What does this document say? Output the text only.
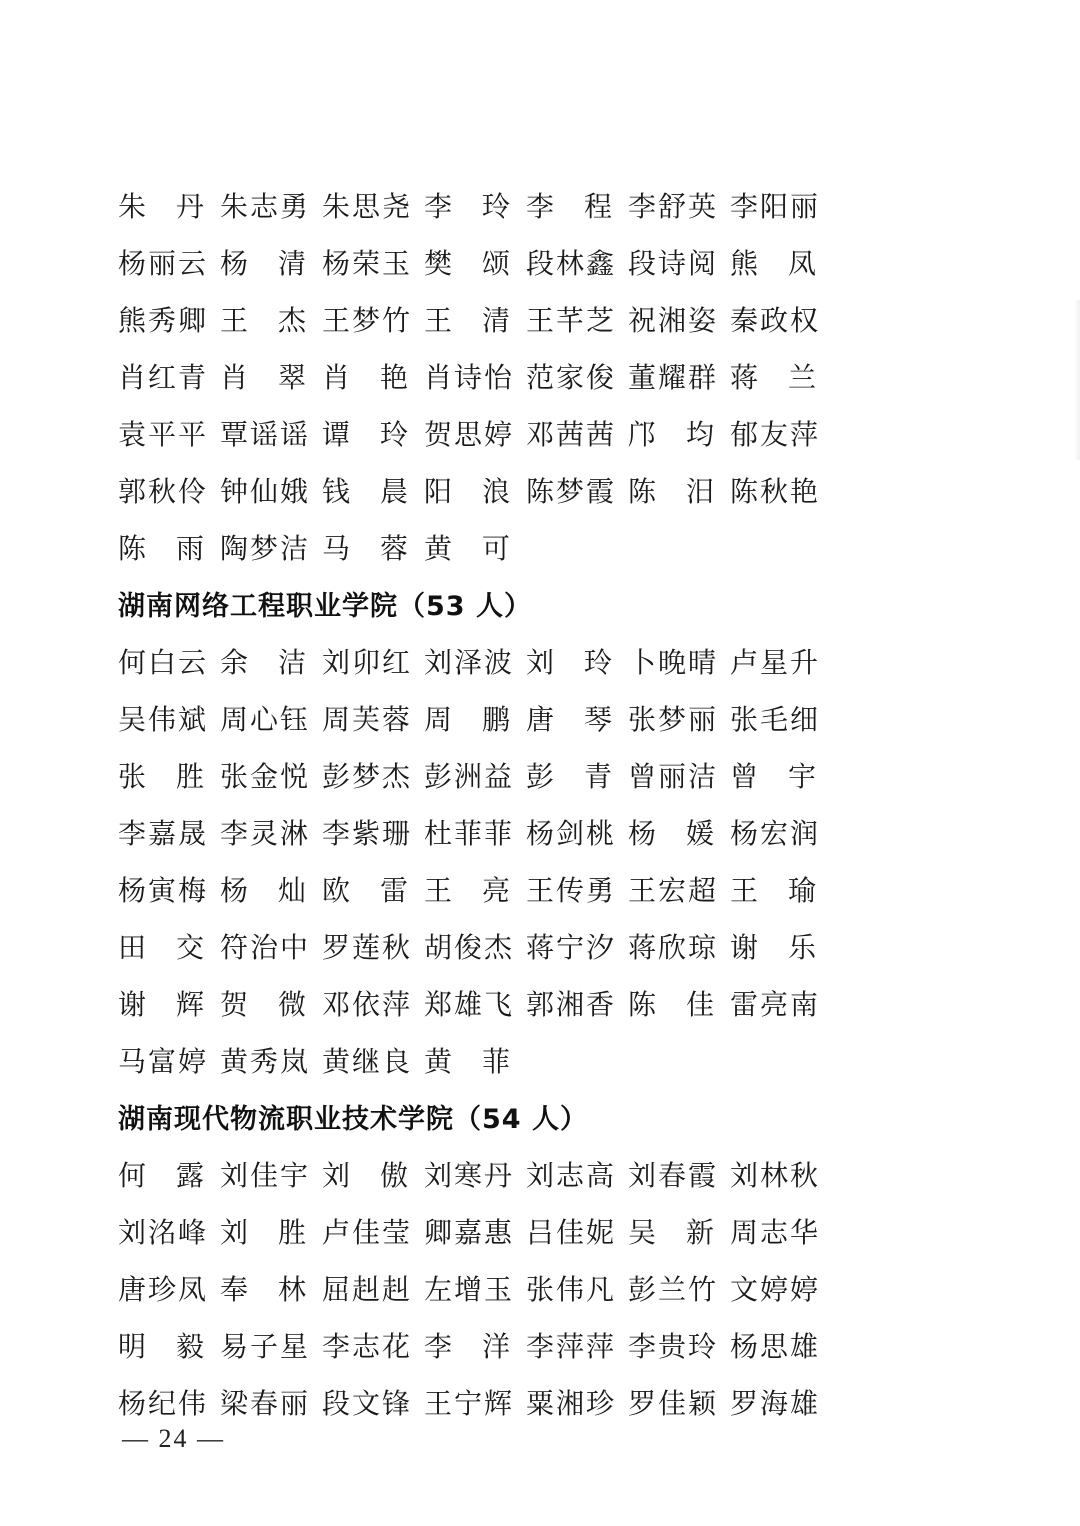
朱 丹 朱志勇 朱思尧 李 玲 李 程 李舒英 李阳丽
杨丽云 杨 清 杨荣玉 樊 颂 段林鑫 段诗阅 熊 凤
熊秀卿 王 杰 王梦竹 王 清 王芊芝 祝湘姿 秦政权
肖红青 肖 翠 肖 艳 肖诗怡 范家俊 董耀群 蒋 兰
袁平平 覃谣谣 谭 玲 贺思婷 邓茜茜 邝 均 郁友萍
郭秋伶 钟仙娥 钱 晨 阳 浪 陈梦霞 陈 汨 陈秋艳
陈 雨 陶梦洁 马 蓉 黄 可
湖南网络工程职业学院（53 人）
何白云 余 洁 刘卯红 刘泽波 刘 玲 卜晚晴 卢星升
吴伟斌 周心钰 周芙蓉 周 鹏 唐 琴 张梦丽 张毛细
张 胜 张金悦 彭梦杰 彭洲益 彭 青 曾丽洁 曾 宇
李嘉晟 李灵淋 李紫珊 杜菲菲 杨剑桃 杨 媛 杨宏润
杨寅梅 杨 灿 欧 雷 王 亮 王传勇 王宏超 王 瑜
田 交 符治中 罗莲秋 胡俊杰 蒋宁汐 蒋欣琼 谢 乐
谢 辉 贺 微 邓依萍 郑雄飞 郭湘香 陈 佳 雷亮南
马富婷 黄秀岚 黄继良 黄 菲
湖南现代物流职业技术学院（54 人）
何 露 刘佳宇 刘 傲 刘寒丹 刘志高 刘春霞 刘林秋
刘洺峰 刘 胜 卢佳莹 卿嘉惠 吕佳妮 吴 新 周志华
唐珍凤 奉 林 屈赳赳 左增玉 张伟凡 彭兰竹 文婷婷
明 毅 易子星 李志花 李 洋 李萍萍 李贵玲 杨思雄
杨纪伟 梁春丽 段文锋 王宁辉 粟湘珍 罗佳颖 罗海雄
— 24 —
